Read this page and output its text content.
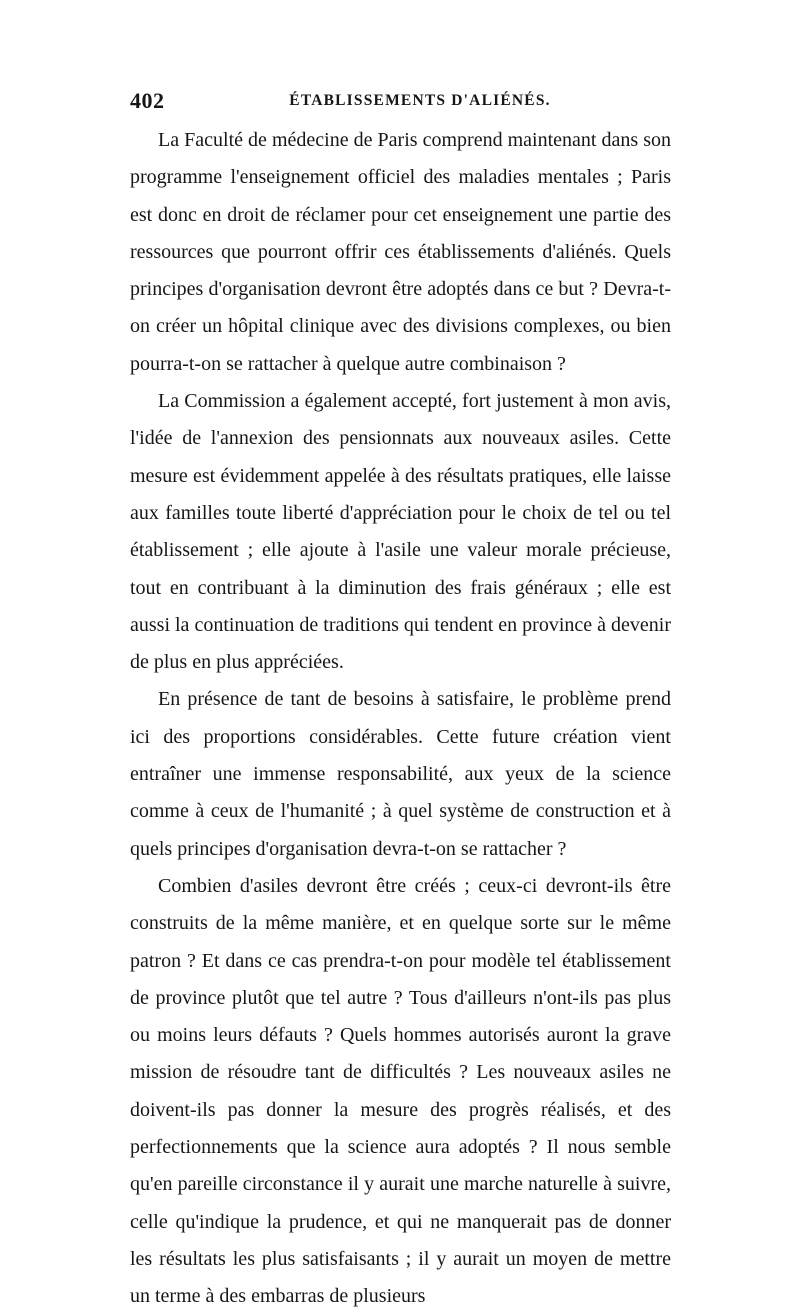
402	ÉTABLISSEMENTS D'ALIÉNÉS.

La Faculté de médecine de Paris comprend maintenant dans son programme l'enseignement officiel des maladies mentales ; Paris est donc en droit de réclamer pour cet enseignement une partie des ressources que pourront offrir ces établissements d'aliénés. Quels principes d'organisation devront être adoptés dans ce but ? Devra-t-on créer un hôpital clinique avec des divisions complexes, ou bien pourra-t-on se rattacher à quelque autre combinaison ?

La Commission a également accepté, fort justement à mon avis, l'idée de l'annexion des pensionnats aux nouveaux asiles. Cette mesure est évidemment appelée à des résultats pratiques, elle laisse aux familles toute liberté d'appréciation pour le choix de tel ou tel établissement ; elle ajoute à l'asile une valeur morale précieuse, tout en contribuant à la diminution des frais généraux ; elle est aussi la continuation de traditions qui tendent en province à devenir de plus en plus appréciées.

En présence de tant de besoins à satisfaire, le problème prend ici des proportions considérables. Cette future création vient entraîner une immense responsabilité, aux yeux de la science comme à ceux de l'humanité ; à quel système de construction et à quels principes d'organisation devra-t-on se rattacher ?

Combien d'asiles devront être créés ; ceux-ci devront-ils être construits de la même manière, et en quelque sorte sur le même patron ? Et dans ce cas prendra-t-on pour modèle tel établissement de province plutôt que tel autre ? Tous d'ailleurs n'ont-ils pas plus ou moins leurs défauts ? Quels hommes autorisés auront la grave mission de résoudre tant de difficultés ? Les nouveaux asiles ne doivent-ils pas donner la mesure des progrès réalisés, et des perfectionnements que la science aura adoptés ? Il nous semble qu'en pareille circonstance il y aurait une marche naturelle à suivre, celle qu'indique la prudence, et qui ne manquerait pas de donner les résultats les plus satisfaisants ; il y aurait un moyen de mettre un terme à des embarras de plusieurs
